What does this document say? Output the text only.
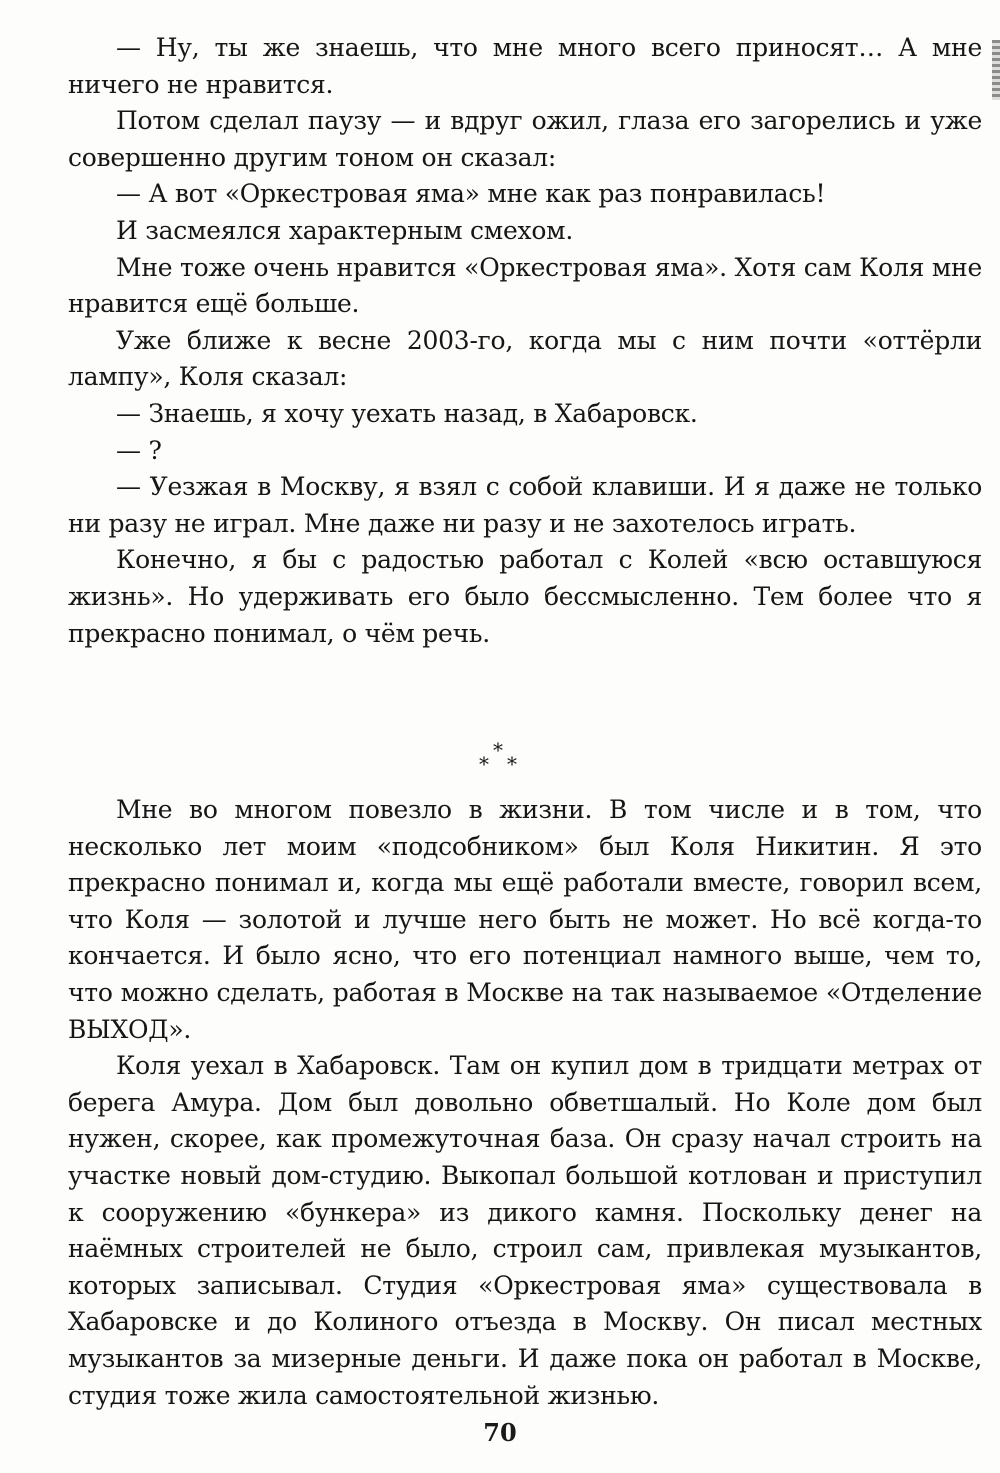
— Ну, ты же знаешь, что мне много всего приносят… А мне ничего не нравится.

Потом сделал паузу — и вдруг ожил, глаза его загорелись и уже совершенно другим тоном он сказал:

— А вот «Оркестровая яма» мне как раз понравилась!

И засмеялся характерным смехом.

Мне тоже очень нравится «Оркестровая яма». Хотя сам Коля мне нравится ещё больше.

Уже ближе к весне 2003-го, когда мы с ним почти «оттёрли лампу», Коля сказал:

— Знаешь, я хочу уехать назад, в Хабаровск.

— ?

— Уезжая в Москву, я взял с собой клавиши. И я даже не только ни разу не играл. Мне даже ни разу и не захотелось играть.

Конечно, я бы с радостью работал с Колей «всю оставшуюся жизнь». Но удерживать его было бессмысленно. Тем более что я прекрасно понимал, о чём речь.

*
* *

Мне во многом повезло в жизни. В том числе и в том, что несколько лет моим «подсобником» был Коля Никитин. Я это прекрасно понимал и, когда мы ещё работали вместе, говорил всем, что Коля — золотой и лучше него быть не может. Но всё когда-то кончается. И было ясно, что его потенциал намного выше, чем то, что можно сделать, работая в Москве на так называемое «Отделение ВЫХОД».

Коля уехал в Хабаровск. Там он купил дом в тридцати метрах от берега Амура. Дом был довольно обветшалый. Но Коле дом был нужен, скорее, как промежуточная база. Он сразу начал строить на участке новый дом-студию. Выкопал большой котлован и приступил к сооружению «бункера» из дикого камня. Поскольку денег на наёмных строителей не было, строил сам, привлекая музыкантов, которых записывал. Студия «Оркестровая яма» существовала в Хабаровске и до Колиного отъезда в Москву. Он писал местных музыкантов за мизерные деньги. И даже пока он работал в Москве, студия тоже жила самостоятельной жизнью.

70
